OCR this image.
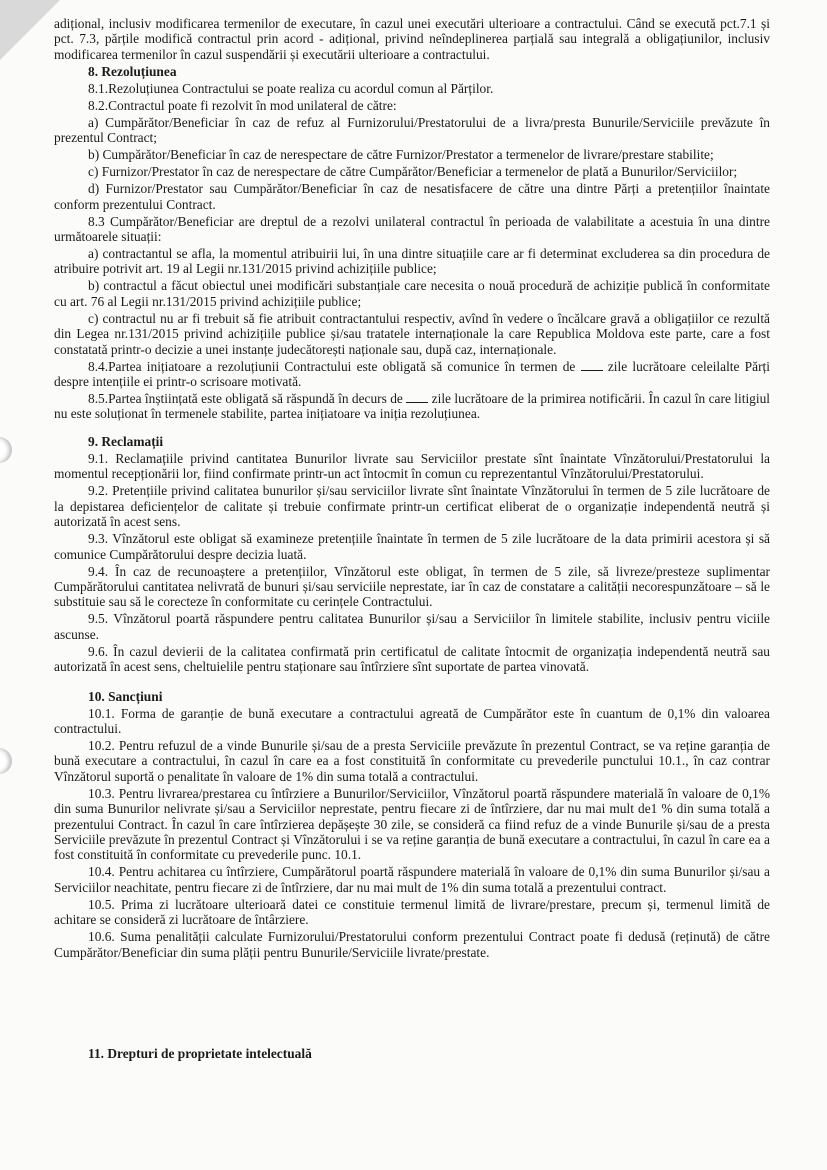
adițional, inclusiv modificarea termenilor de executare, în cazul unei executări ulterioare a contractului. Când se execută pct.7.1 și pct. 7.3, părțile modifică contractul prin acord - adițional, privind neîndeplinerea parțială sau integrală a obligațiunilor, inclusiv modificarea termenilor în cazul suspendării și executării ulterioare a contractului.

8. Rezoluțiunea

8.1.Rezoluțiunea Contractului se poate realiza cu acordul comun al Părților.

8.2.Contractul poate fi rezolvit în mod unilateral de către:

a) Cumpărător/Beneficiar în caz de refuz al Furnizorului/Prestatorului de a livra/presta Bunurile/Serviciile prevăzute în prezentul Contract;

b) Cumpărător/Beneficiar în caz de nerespectare de către Furnizor/Prestator a termenelor de livrare/prestare stabilite;

c) Furnizor/Prestator în caz de nerespectare de către Cumpărător/Beneficiar a termenelor de plată a Bunurilor/Serviciilor;

d) Furnizor/Prestator sau Cumpărător/Beneficiar în caz de nesatisfacere de către una dintre Părți a pretențiilor înaintate conform prezentului Contract.

8.3 Cumpărător/Beneficiar are dreptul de a rezolvi unilateral contractul în perioada de valabilitate a acestuia în una dintre următoarele situații:

a) contractantul se afla, la momentul atribuirii lui, în una dintre situațiile care ar fi determinat excluderea sa din procedura de atribuire potrivit art. 19 al Legii nr.131/2015 privind achizițiile publice;

b) contractul a făcut obiectul unei modificări substanțiale care necesita o nouă procedură de achiziție publică în conformitate cu art. 76 al Legii nr.131/2015 privind achizițiile publice;

c) contractul nu ar fi trebuit să fie atribuit contractantului respectiv, avînd în vedere o încălcare gravă a obligațiilor ce rezultă din Legea nr.131/2015 privind achizițiile publice și/sau tratatele internaționale la care Republica Moldova este parte, care a fost constatată printr-o decizie a unei instanțe judecătorești naționale sau, după caz, internaționale.

8.4.Partea inițiatoare a rezoluțiunii Contractului este obligată să comunice în termen de zile lucrătoare celeilalte Părți despre intențiile ei printr-o scrisoare motivată.

8.5.Partea înștiințată este obligată să răspundă în decurs de zile lucrătoare de la primirea notificării. În cazul în care litigiul nu este soluționat în termenele stabilite, partea inițiatoare va iniția rezoluțiunea.

9. Reclamații

9.1. Reclamațiile privind cantitatea Bunurilor livrate sau Serviciilor prestate sînt înaintate Vînzătorului/Prestatorului la momentul recepționării lor, fiind confirmate printr-un act întocmit în comun cu reprezentantul Vînzătorului/Prestatorului.

9.2. Pretențiile privind calitatea bunurilor și/sau serviciilor livrate sînt înaintate Vînzătorului în termen de 5 zile lucrătoare de la depistarea deficiențelor de calitate și trebuie confirmate printr-un certificat eliberat de o organizație independentă neutră și autorizată în acest sens.

9.3. Vînzătorul este obligat să examineze pretențiile înaintate în termen de 5 zile lucrătoare de la data primirii acestora și să comunice Cumpărătorului despre decizia luată.

9.4. În caz de recunoaștere a pretențiilor, Vînzătorul este obligat, în termen de 5 zile, să livreze/presteze suplimentar Cumpărătorului cantitatea nelivrată de bunuri și/sau serviciile neprestate, iar în caz de constatare a calității necorespunzătoare – să le substituie sau să le corecteze în conformitate cu cerințele Contractului.

9.5. Vînzătorul poartă răspundere pentru calitatea Bunurilor și/sau a Serviciilor în limitele stabilite, inclusiv pentru viciile ascunse.

9.6. În cazul devierii de la calitatea confirmată prin certificatul de calitate întocmit de organizația independentă neutră sau autorizată în acest sens, cheltuielile pentru staționare sau întîrziere sînt suportate de partea vinovată.

10. Sancțiuni

10.1. Forma de garanție de bună executare a contractului agreată de Cumpărător este în cuantum de 0,1% din valoarea contractului.

10.2. Pentru refuzul de a vinde Bunurile și/sau de a presta Serviciile prevăzute în prezentul Contract, se va reține garanția de bună executare a contractului, în cazul în care ea a fost constituită în conformitate cu prevederile punctului 10.1., în caz contrar Vînzătorul suportă o penalitate în valoare de 1% din suma totală a contractului.

10.3. Pentru livrarea/prestarea cu întîrziere a Bunurilor/Serviciilor, Vînzătorul poartă răspundere materială în valoare de 0,1% din suma Bunurilor nelivrate și/sau a Serviciilor neprestate, pentru fiecare zi de întîrziere, dar nu mai mult de1 % din suma totală a prezentului Contract. În cazul în care întîrzierea depășește 30 zile, se consideră ca fiind refuz de a vinde Bunurile și/sau de a presta Serviciile prevăzute în prezentul Contract și Vînzătorului i se va reține garanția de bună executare a contractului, în cazul în care ea a fost constituită în conformitate cu prevederile punc. 10.1.

10.4. Pentru achitarea cu întîrziere, Cumpărătorul poartă răspundere materială în valoare de 0,1% din suma Bunurilor și/sau a Serviciilor neachitate, pentru fiecare zi de întîrziere, dar nu mai mult de 1% din suma totală a prezentului contract.

10.5. Prima zi lucrătoare ulterioară datei ce constituie termenul limită de livrare/prestare, precum și, termenul limită de achitare se consideră zi lucrătoare de întârziere.

10.6. Suma penalității calculate Furnizorului/Prestatorului conform prezentului Contract poate fi dedusă (reținută) de către Cumpărător/Beneficiar din suma plății pentru Bunurile/Serviciile livrate/prestate.

11. Drepturi de proprietate intelectuală
